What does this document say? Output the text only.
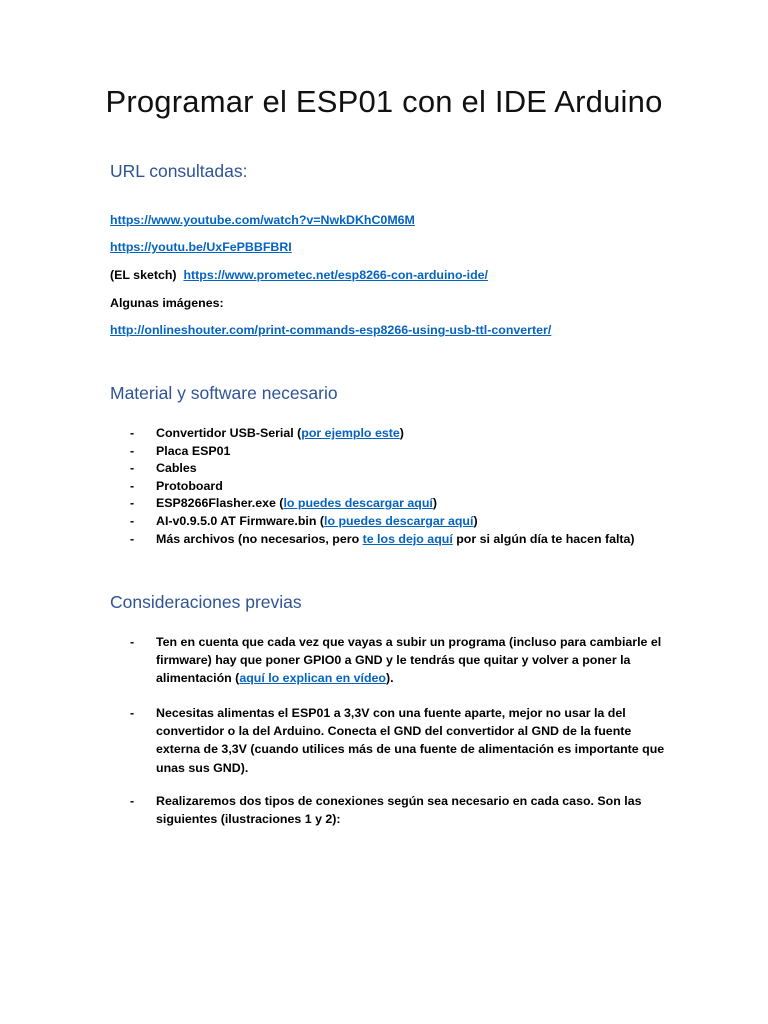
Programar el ESP01 con el IDE Arduino
URL consultadas:
https://www.youtube.com/watch?v=NwkDKhC0M6M
https://youtu.be/UxFePBBFBRI
(EL sketch) https://www.prometec.net/esp8266-con-arduino-ide/
Algunas imágenes:
http://onlineshouter.com/print-commands-esp8266-using-usb-ttl-converter/
Material y software necesario
- Convertidor USB-Serial (por ejemplo este)
- Placa ESP01
- Cables
- Protoboard
- ESP8266Flasher.exe (lo puedes descargar aquí)
- AI-v0.9.5.0 AT Firmware.bin (lo puedes descargar aquí)
- Más archivos (no necesarios, pero te los dejo aquí por si algún día te hacen falta)
Consideraciones previas
- Ten en cuenta que cada vez que vayas a subir un programa (incluso para cambiarle el firmware) hay que poner GPIO0 a GND y le tendrás que quitar y volver a poner la alimentación (aquí lo explican en vídeo).
- Necesitas alimentas el ESP01 a 3,3V con una fuente aparte, mejor no usar la del convertidor o la del Arduino. Conecta el GND del convertidor al GND de la fuente externa de 3,3V (cuando utilices más de una fuente de alimentación es importante que unas sus GND).
- Realizaremos dos tipos de conexiones según sea necesario en cada caso. Son las siguientes (ilustraciones 1 y 2):
